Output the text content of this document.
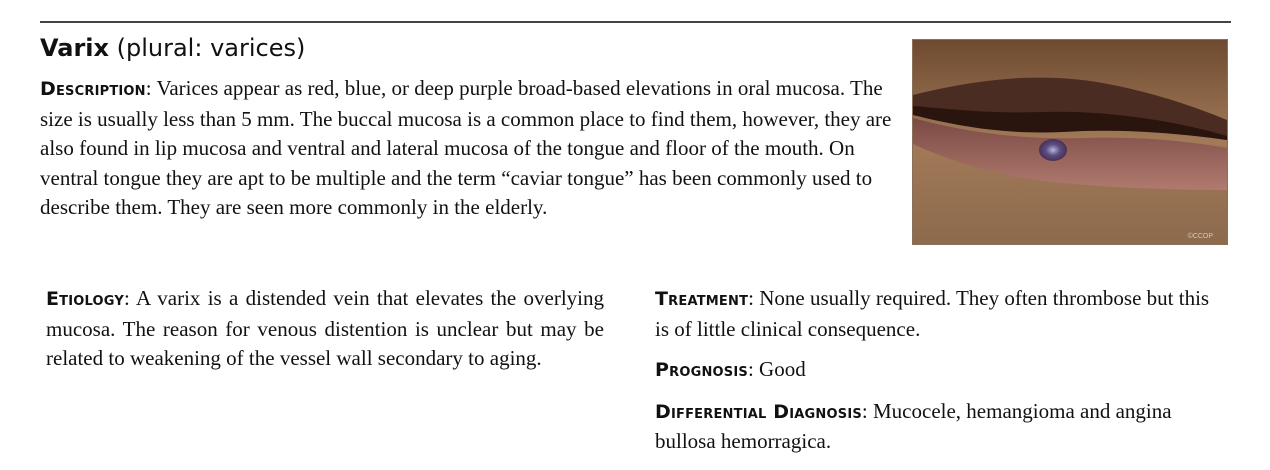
Varix (plural: varices)
Description: Varices appear as red, blue, or deep purple broad-based elevations in oral mucosa. The size is usually less than 5 mm. The buccal mucosa is a common place to find them, however, they are also found in lip mucosa and ventral and lateral mucosa of the tongue and floor of the mouth. On ventral tongue they are apt to be multiple and the term “caviar tongue” has been commonly used to describe them. They are seen more commonly in the elderly.
©CCOP
Etiology: A varix is a distended vein that elevates the overlying mucosa. The reason for venous distention is unclear but may be related to weakening of the vessel wall secondary to aging.

Treatment: None usually required. They often thrombose but this is of little clinical consequence.

Prognosis: Good

Differential Diagnosis: Mucocele, hemangioma and angina bullosa hemorragica.
